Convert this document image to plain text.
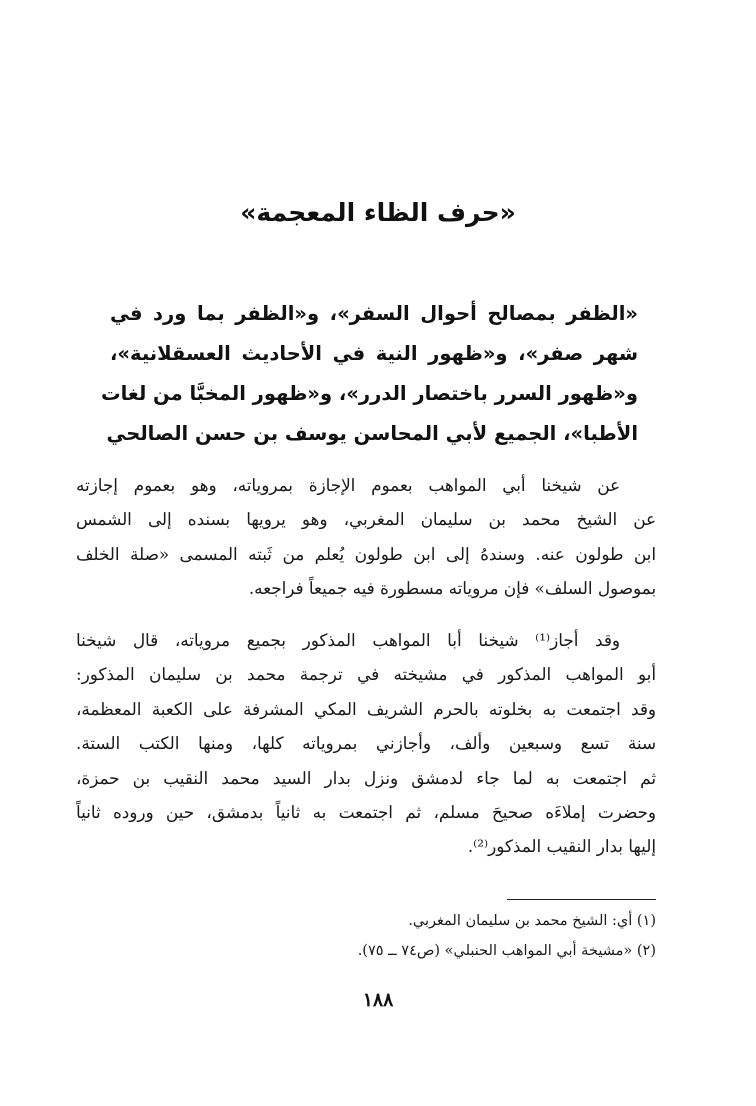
«حرف الظاء المعجمة»
«الظفر بمصالح أحوال السفر»، و«الظفر بما ورد في
شهر صفر»، و«ظهور النية في الأحاديث العسقلانية»،
و«ظهور السرر باختصار الدرر»، و«ظهور المخبَّا من لغات
الأطبا»، الجميع لأبي المحاسن يوسف بن حسن الصالحي
عن شيخنا أبي المواهب بعموم الإجازة بمروياته، وهو بعموم إجازته
عن الشيخ محمد بن سليمان المغربي، وهو يرويها بسنده إلى الشمس
ابن طولون عنه. وسندهُ إلى ابن طولون يُعلم من ثَبته المسمى «صلة الخلف
بموصول السلف» فإن مروياته مسطورة فيه جميعاً فراجعه.
وقد أجاز⁽¹⁾ شيخنا أبا المواهب المذكور بجميع مروياته، قال شيخنا
أبو المواهب المذكور في مشيخته في ترجمة محمد بن سليمان المذكور:
وقد اجتمعت به بخلوته بالحرم الشريف المكي المشرفة على الكعبة المعظمة،
سنة تسع وسبعين وألف، وأجازني بمروياته كلها، ومنها الكتب الستة.
ثم اجتمعت به لما جاء لدمشق ونزل بدار السيد محمد النقيب بن حمزة،
وحضرت إملاءَه صحيحَ مسلم، ثم اجتمعت به ثانياً بدمشق، حين وروده ثانياً
إليها بدار النقيب المذكور⁽²⁾.
(١) أي: الشيخ محمد بن سليمان المغربي.
(٢) «مشيخة أبي المواهب الحنبلي» (ص٧٤ ــ ٧٥).
١٨٨
